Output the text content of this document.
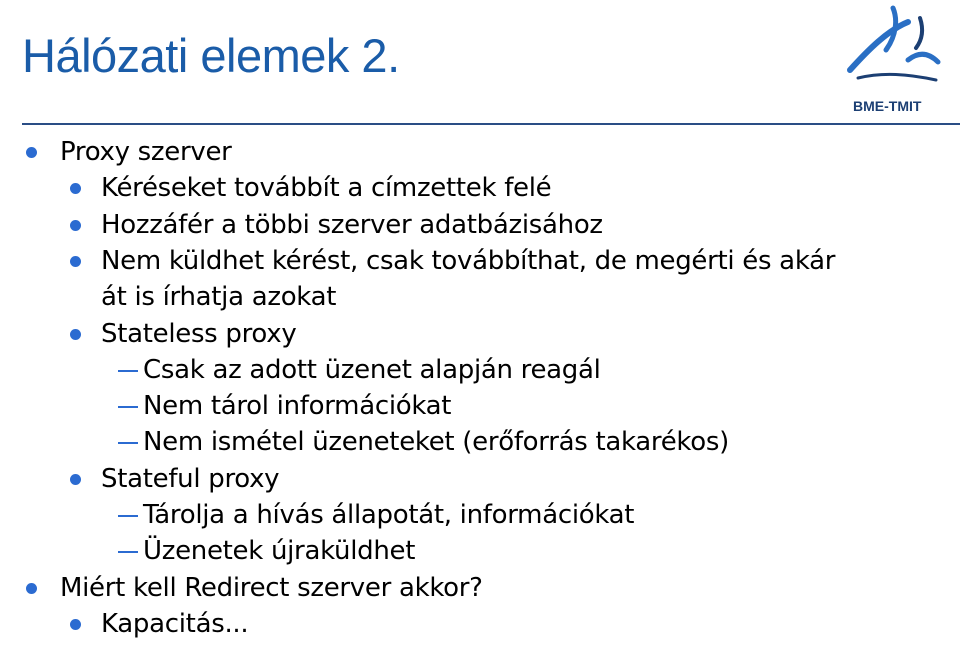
Hálózati elemek 2.
BME-TMIT
Proxy szerver
Kéréseket továbbít a címzettek felé
Hozzáfér a többi szerver adatbázisához
Nem küldhet kérést, csak továbbíthat, de megérti és akár
át is írhatja azokat
Stateless proxy
Csak az adott üzenet alapján reagál
Nem tárol információkat
Nem ismétel üzeneteket (erőforrás takarékos)
Stateful proxy
Tárolja a hívás állapotát, információkat
Üzenetek újraküldhet
Miért kell Redirect szerver akkor?
Kapacitás...
